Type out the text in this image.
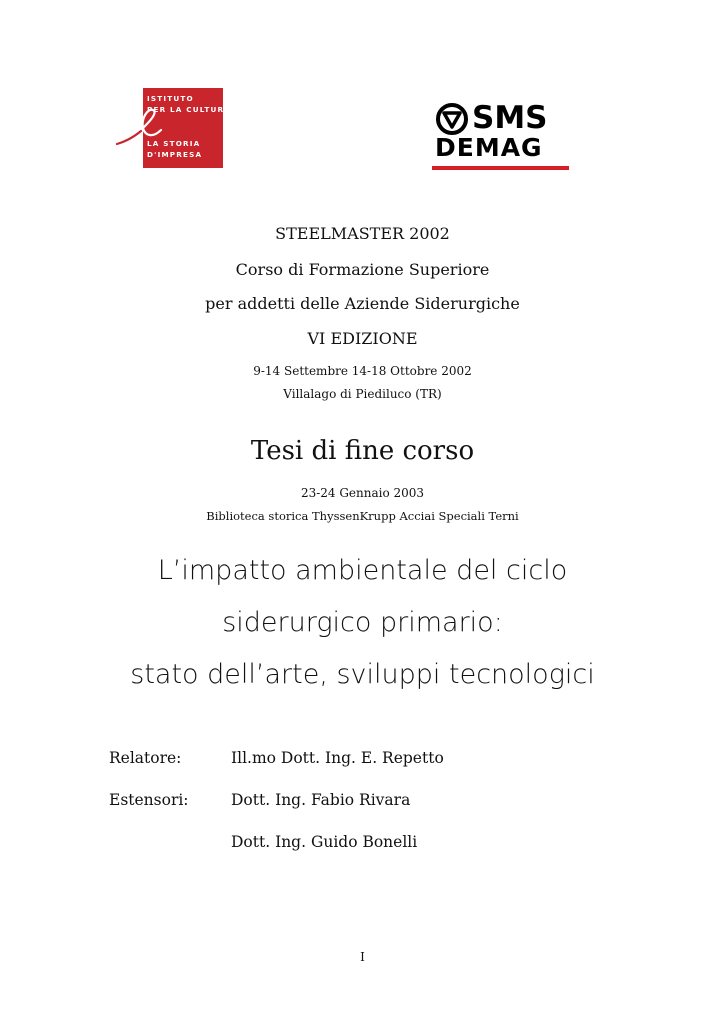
ISTITUTO
PER LA CULTURA
LA STORIA
D'IMPRESA
SMS
DEMAG
STEELMASTER 2002
Corso di Formazione Superiore
per addetti delle Aziende Siderurgiche
VI EDIZIONE
9-14 Settembre 14-18 Ottobre 2002
Villalago di Piediluco (TR)
Tesi di fine corso
23-24 Gennaio 2003
Biblioteca storica ThyssenKrupp Acciai Speciali Terni
L’impatto ambientale del ciclo
siderurgico primario:
stato dell’arte, sviluppi tecnologici
Relatore:	Ill.mo Dott. Ing. E. Repetto
Estensori:	Dott. Ing. Fabio Rivara
Dott. Ing. Guido Bonelli
I
